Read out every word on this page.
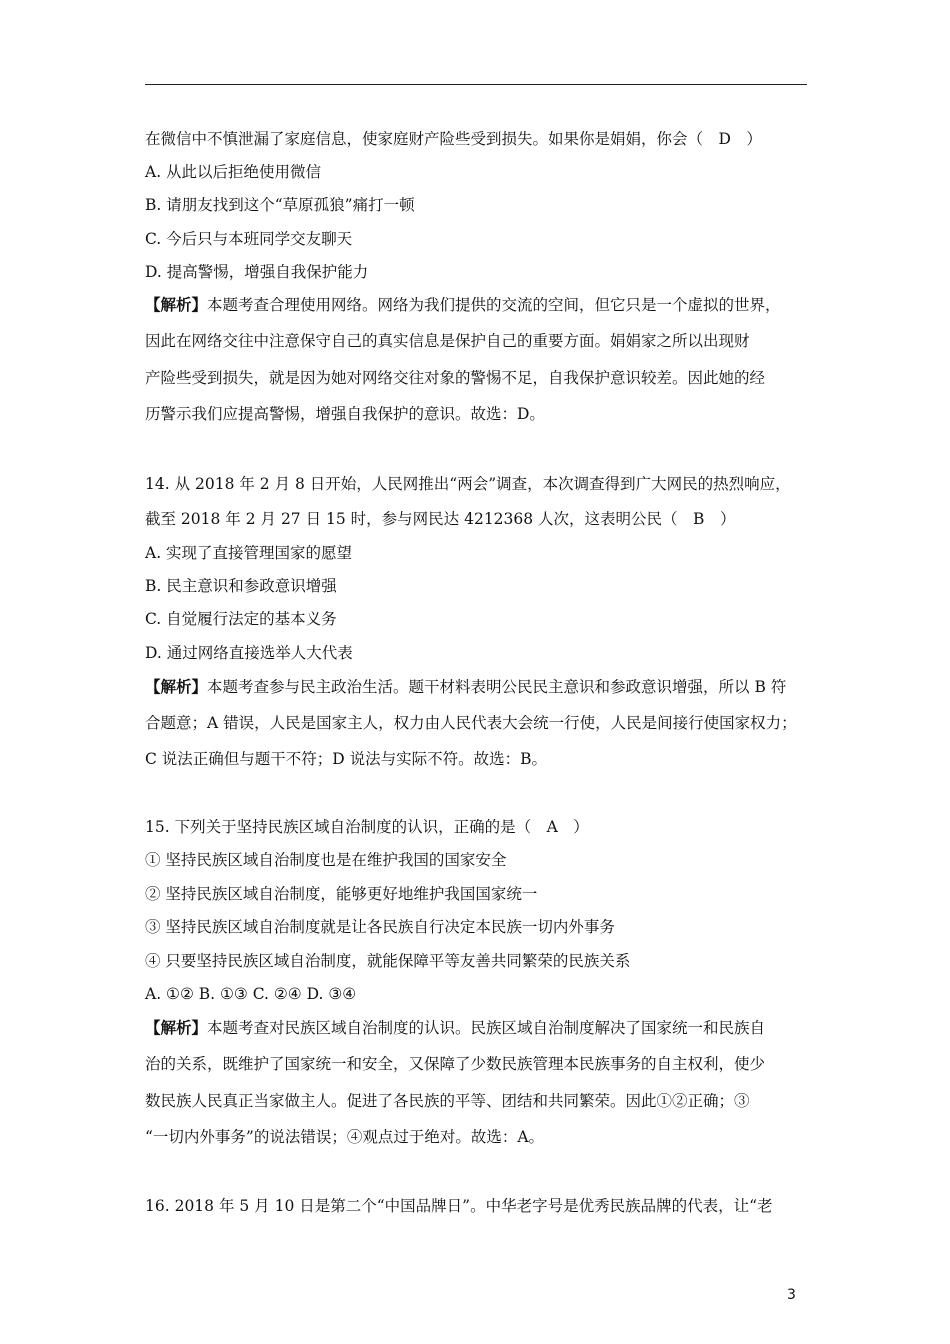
在微信中不慎泄漏了家庭信息，使家庭财产险些受到损失。如果你是娟娟，你会（　D　）
A. 从此以后拒绝使用微信
B. 请朋友找到这个“草原孤狼”痛打一顿
C. 今后只与本班同学交友聊天
D. 提高警惕，增强自我保护能力
【解析】本题考查合理使用网络。网络为我们提供的交流的空间，但它只是一个虚拟的世界，
因此在网络交往中注意保守自己的真实信息是保护自己的重要方面。娟娟家之所以出现财
产险些受到损失，就是因为她对网络交往对象的警惕不足，自我保护意识较差。因此她的经
历警示我们应提高警惕，增强自我保护的意识。故选：D。
14. 从 2018 年 2 月 8 日开始，人民网推出“两会”调查，本次调查得到广大网民的热烈响应，
截至 2018 年 2 月 27 日 15 时，参与网民达 4212368 人次，这表明公民（　B　）
A. 实现了直接管理国家的愿望
B. 民主意识和参政意识增强
C. 自觉履行法定的基本义务
D. 通过网络直接选举人大代表
【解析】本题考查参与民主政治生活。题干材料表明公民民主意识和参政意识增强，所以 B 符
合题意；A 错误，人民是国家主人，权力由人民代表大会统一行使，人民是间接行使国家权力；
C 说法正确但与题干不符；D 说法与实际不符。故选：B。
15. 下列关于坚持民族区域自治制度的认识，正确的是（　A　）
① 坚持民族区域自治制度也是在维护我国的国家安全
② 坚持民族区域自治制度，能够更好地维护我国国家统一
③ 坚持民族区域自治制度就是让各民族自行决定本民族一切内外事务
④ 只要坚持民族区域自治制度，就能保障平等友善共同繁荣的民族关系
A. ①② B. ①③ C. ②④ D. ③④
【解析】本题考查对民族区域自治制度的认识。民族区域自治制度解决了国家统一和民族自
治的关系，既维护了国家统一和安全，又保障了少数民族管理本民族事务的自主权利，使少
数民族人民真正当家做主人。促进了各民族的平等、团结和共同繁荣。因此①②正确；③
“一切内外事务”的说法错误；④观点过于绝对。故选：A。
16. 2018 年 5 月 10 日是第二个“中国品牌日”。中华老字号是优秀民族品牌的代表，让“老
3
